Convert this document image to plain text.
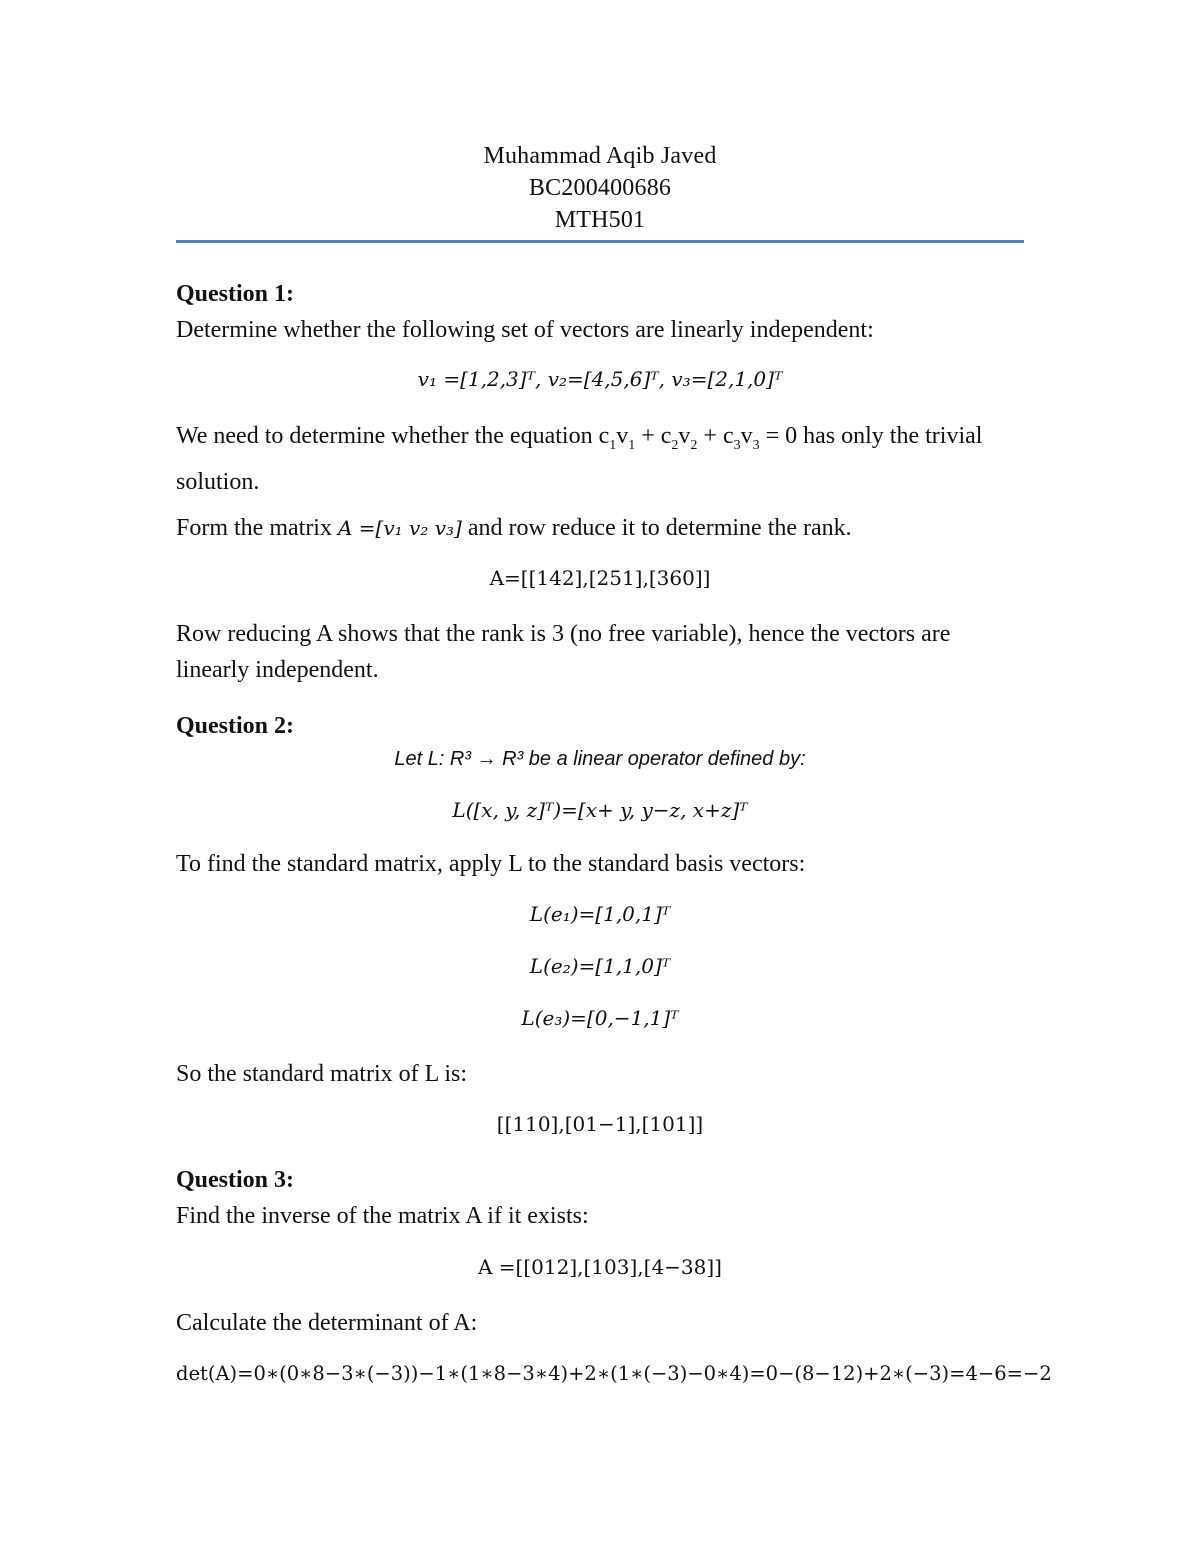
Muhammad Aqib Javed
BC200400686
MTH501
Question 1:
Determine whether the following set of vectors are linearly independent:
v₁ =[1,2,3]ᵀ, v₂=[4,5,6]ᵀ, v₃=[2,1,0]ᵀ
We need to determine whether the equation $c_1v_1 + c_2v_2 + c_3v_3 = 0$ has only the trivial solution.
Form the matrix A =[v₁ v₂ v₃] and row reduce it to determine the rank.
A=[[142],[251],[360]]
Row reducing A shows that the rank is 3 (no free variable), hence the vectors are linearly independent.
Question 2:
Let L: R³ → R³ be a linear operator defined by:
L([x, y, z]ᵀ)=[x+ y, y−z, x+z]ᵀ
To find the standard matrix, apply L to the standard basis vectors:
L(e₁)=[1,0,1]ᵀ
L(e₂)=[1,1,0]ᵀ
L(e₃)=[0,−1,1]ᵀ
So the standard matrix of L is:
[[110],[01−1],[101]]
Question 3:
Find the inverse of the matrix A if it exists:
A =[[012],[103],[4−38]]
Calculate the determinant of A:
det(A)=0∗(0∗8−3∗(−3))−1∗(1∗8−3∗4)+2∗(1∗(−3)−0∗4)=0−(8−12)+2∗(−3)=4−6=−2
